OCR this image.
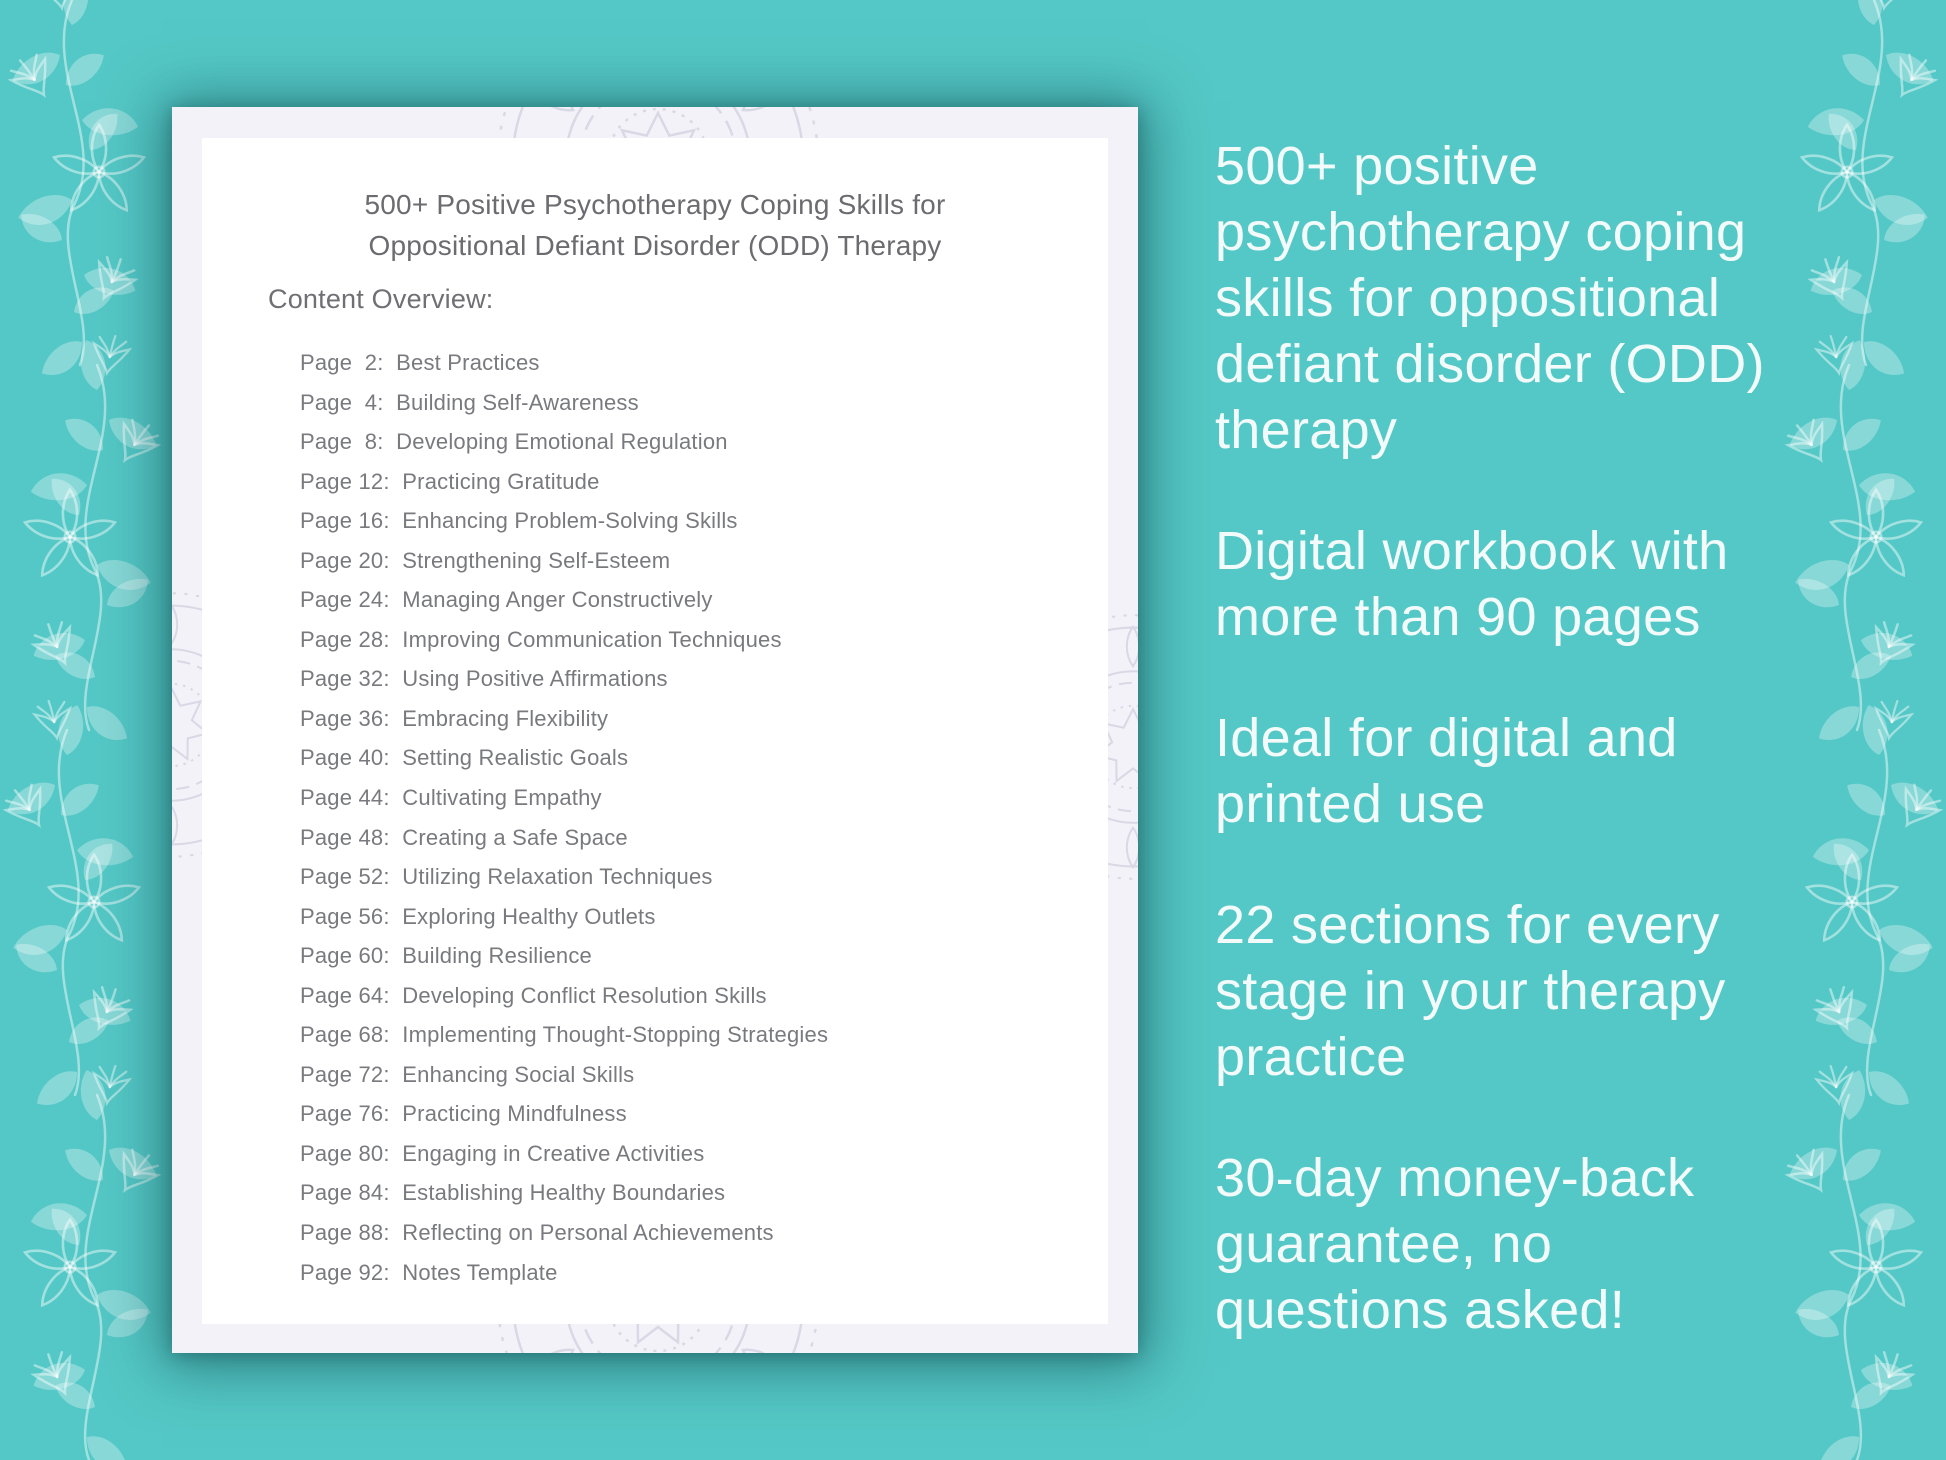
500+ Positive Psychotherapy Coping Skills for
Oppositional Defiant Disorder (ODD) Therapy
Content Overview:
Page  2:  Best Practices
Page  4:  Building Self-Awareness
Page  8:  Developing Emotional Regulation
Page 12:  Practicing Gratitude
Page 16:  Enhancing Problem-Solving Skills
Page 20:  Strengthening Self-Esteem
Page 24:  Managing Anger Constructively
Page 28:  Improving Communication Techniques
Page 32:  Using Positive Affirmations
Page 36:  Embracing Flexibility
Page 40:  Setting Realistic Goals
Page 44:  Cultivating Empathy
Page 48:  Creating a Safe Space
Page 52:  Utilizing Relaxation Techniques
Page 56:  Exploring Healthy Outlets
Page 60:  Building Resilience
Page 64:  Developing Conflict Resolution Skills
Page 68:  Implementing Thought-Stopping Strategies
Page 72:  Enhancing Social Skills
Page 76:  Practicing Mindfulness
Page 80:  Engaging in Creative Activities
Page 84:  Establishing Healthy Boundaries
Page 88:  Reflecting on Personal Achievements
Page 92:  Notes Template
500+ positive
psychotherapy coping
skills for oppositional
defiant disorder (ODD)
therapy
Digital workbook with
more than 90 pages
Ideal for digital and
printed use
22 sections for every
stage in your therapy
practice
30-day money-back
guarantee, no
questions asked!
